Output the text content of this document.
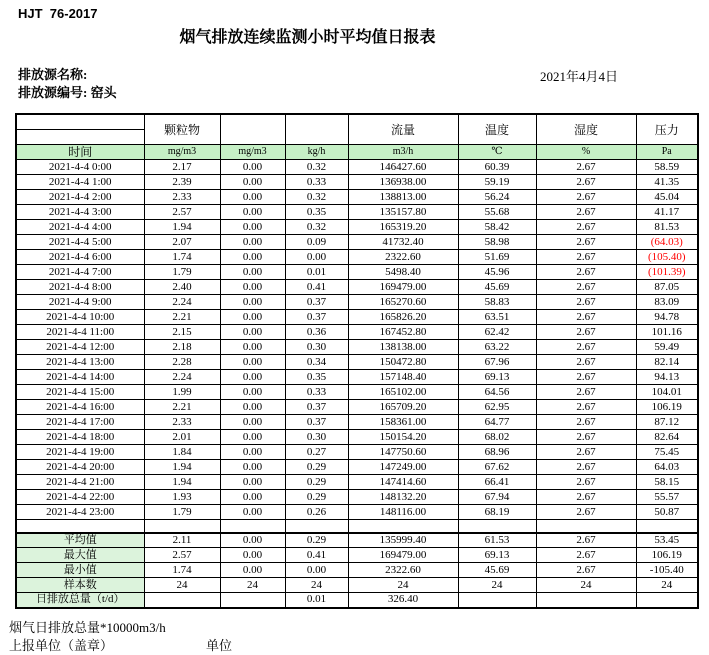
HJT  76-2017
烟气排放连续监测小时平均值日报表
排放源名称:	2021年4月4日
排放源编号: 窑头
	颗粒物			流量	温度	湿度	压力
时间	mg/m3	mg/m3	kg/h	m3/h	℃	%	Pa
2021-4-4 0:00	2.17	0.00	0.32	146427.60	60.39	2.67	58.59
2021-4-4 1:00	2.39	0.00	0.33	136938.00	59.19	2.67	41.35
2021-4-4 2:00	2.33	0.00	0.32	138813.00	56.24	2.67	45.04
2021-4-4 3:00	2.57	0.00	0.35	135157.80	55.68	2.67	41.17
2021-4-4 4:00	1.94	0.00	0.32	165319.20	58.42	2.67	81.53
2021-4-4 5:00	2.07	0.00	0.09	41732.40	58.98	2.67	(64.03)
2021-4-4 6:00	1.74	0.00	0.00	2322.60	51.69	2.67	(105.40)
2021-4-4 7:00	1.79	0.00	0.01	5498.40	45.96	2.67	(101.39)
2021-4-4 8:00	2.40	0.00	0.41	169479.00	45.69	2.67	87.05
2021-4-4 9:00	2.24	0.00	0.37	165270.60	58.83	2.67	83.09
2021-4-4 10:00	2.21	0.00	0.37	165826.20	63.51	2.67	94.78
2021-4-4 11:00	2.15	0.00	0.36	167452.80	62.42	2.67	101.16
2021-4-4 12:00	2.18	0.00	0.30	138138.00	63.22	2.67	59.49
2021-4-4 13:00	2.28	0.00	0.34	150472.80	67.96	2.67	82.14
2021-4-4 14:00	2.24	0.00	0.35	157148.40	69.13	2.67	94.13
2021-4-4 15:00	1.99	0.00	0.33	165102.00	64.56	2.67	104.01
2021-4-4 16:00	2.21	0.00	0.37	165709.20	62.95	2.67	106.19
2021-4-4 17:00	2.33	0.00	0.37	158361.00	64.77	2.67	87.12
2021-4-4 18:00	2.01	0.00	0.30	150154.20	68.02	2.67	82.64
2021-4-4 19:00	1.84	0.00	0.27	147750.60	68.96	2.67	75.45
2021-4-4 20:00	1.94	0.00	0.29	147249.00	67.62	2.67	64.03
2021-4-4 21:00	1.94	0.00	0.29	147414.60	66.41	2.67	58.15
2021-4-4 22:00	1.93	0.00	0.29	148132.20	67.94	2.67	55.57
2021-4-4 23:00	1.79	0.00	0.26	148116.00	68.19	2.67	50.87

平均值	2.11	0.00	0.29	135999.40	61.53	2.67	53.45
最大值	2.57	0.00	0.41	169479.00	69.13	2.67	106.19
最小值	1.74	0.00	0.00	2322.60	45.69	2.67	-105.40
样本数	24	24	24	24	24	24	24
日排放总量（t/d）			0.01	326.40			
烟气日排放总量*10000m3/h
上报单位（盖章）	单位
